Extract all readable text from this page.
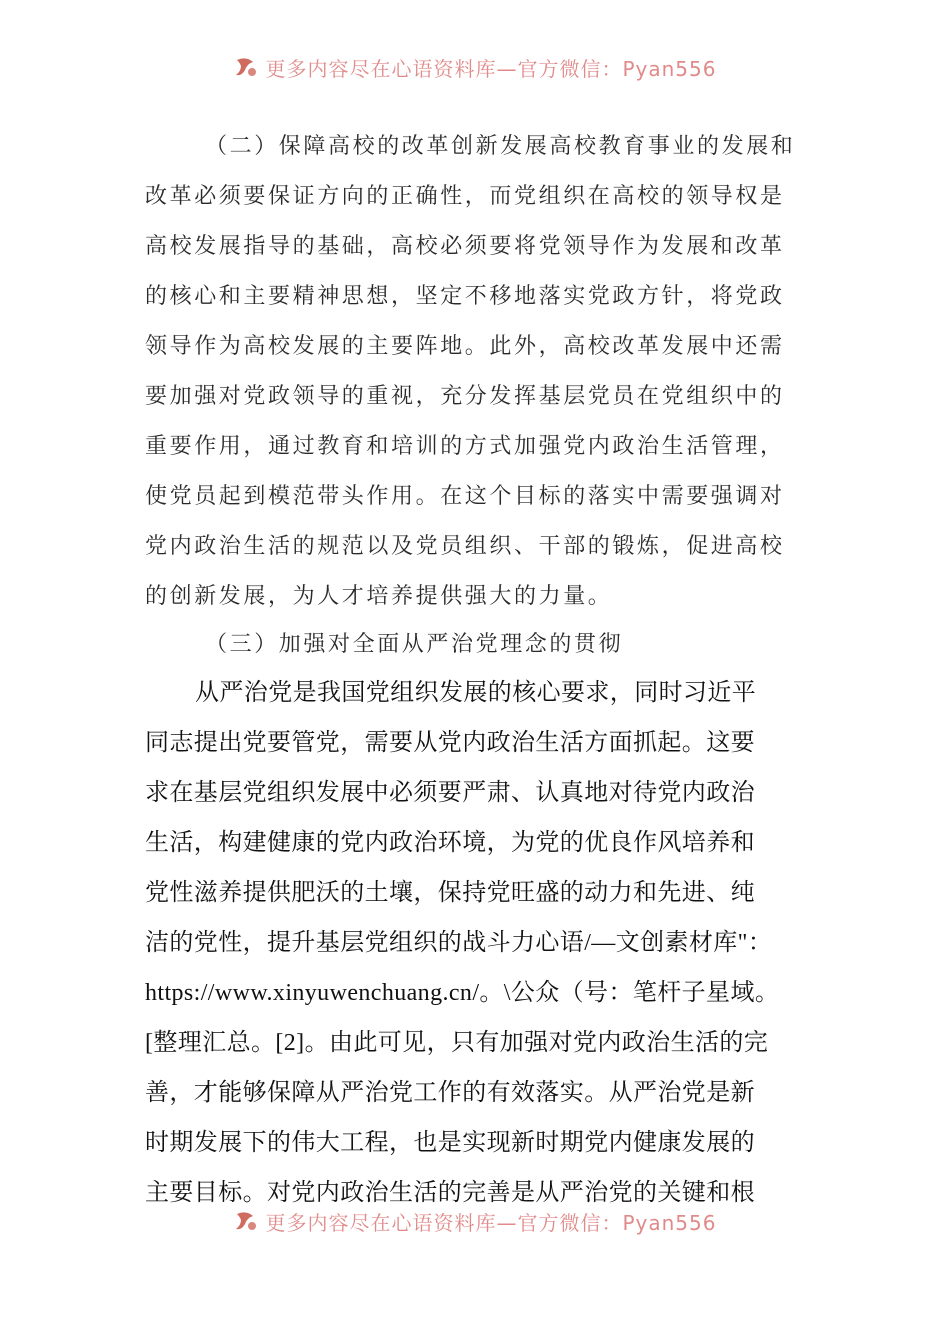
更多内容尽在心语资料库—官方微信：Pyan556
（二）保障高校的改革创新发展高校教育事业的发展和
改革必须要保证方向的正确性，而党组织在高校的领导权是
高校发展指导的基础，高校必须要将党领导作为发展和改革
的核心和主要精神思想，坚定不移地落实党政方针，将党政
领导作为高校发展的主要阵地。此外，高校改革发展中还需
要加强对党政领导的重视，充分发挥基层党员在党组织中的
重要作用，通过教育和培训的方式加强党内政治生活管理，
使党员起到模范带头作用。在这个目标的落实中需要强调对
党内政治生活的规范以及党员组织、干部的锻炼，促进高校
的创新发展，为人才培养提供强大的力量。
（三）加强对全面从严治党理念的贯彻
从严治党是我国党组织发展的核心要求，同时习近平
同志提出党要管党，需要从党内政治生活方面抓起。这要
求在基层党组织发展中必须要严肃、认真地对待党内政治
生活，构建健康的党内政治环境，为党的优良作风培养和
党性滋养提供肥沃的土壤，保持党旺盛的动力和先进、纯
洁的党性，提升基层党组织的战斗力心语/—文创素材库"：
https://www.xinyuwenchuang.cn/。\公众（号：笔杆子星域。
[整理汇总。[2]。由此可见，只有加强对党内政治生活的完
善，才能够保障从严治党工作的有效落实。从严治党是新
时期发展下的伟大工程，也是实现新时期党内健康发展的
主要目标。对党内政治生活的完善是从严治党的关键和根
更多内容尽在心语资料库—官方微信：Pyan556
